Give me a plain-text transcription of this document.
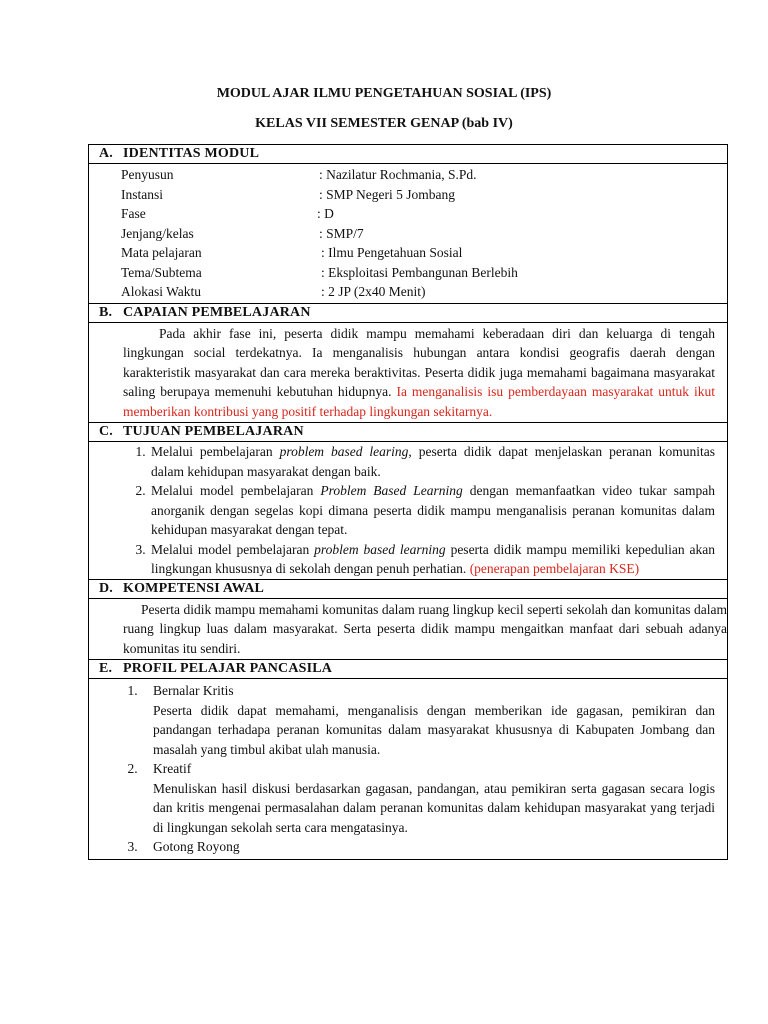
MODUL AJAR ILMU PENGETAHUAN SOSIAL (IPS)
KELAS VII SEMESTER GENAP (bab IV)
A. IDENTITAS MODUL

Penyusun	: Nazilatur Rochmania, S.Pd.
Instansi	: SMP Negeri 5 Jombang
Fase	: D
Jenjang/kelas	: SMP/7
Mata pelajaran	: Ilmu Pengetahuan Sosial
Tema/Subtema	: Eksploitasi Pembangunan Berlebih
Alokasi Waktu	: 2 JP (2x40 Menit)

B. CAPAIAN PEMBELAJARAN

Pada akhir fase ini, peserta didik mampu memahami keberadaan diri dan keluarga di tengah lingkungan social terdekatnya. Ia menganalisis hubungan antara kondisi geografis daerah dengan karakteristik masyarakat dan cara mereka beraktivitas. Peserta didik juga memahami bagaimana masyarakat saling berupaya memenuhi kebutuhan hidupnya. Ia menganalisis isu pemberdayaan masyarakat untuk ikut memberikan kontribusi yang positif terhadap lingkungan sekitarnya.

C. TUJUAN PEMBELAJARAN

1. Melalui pembelajaran problem based learing, peserta didik dapat menjelaskan peranan komunitas dalam kehidupan masyarakat dengan baik.
2. Melalui model pembelajaran Problem Based Learning dengan memanfaatkan video tukar sampah anorganik dengan segelas kopi dimana peserta didik mampu menganalisis peranan komunitas dalam kehidupan masyarakat dengan tepat.
3. Melalui model pembelajaran problem based learning peserta didik mampu memiliki kepedulian akan lingkungan khususnya di sekolah dengan penuh perhatian. (penerapan pembelajaran KSE)

D. KOMPETENSI AWAL

Peserta didik mampu memahami komunitas dalam ruang lingkup kecil seperti sekolah dan komunitas dalam ruang lingkup luas dalam masyarakat. Serta peserta didik mampu mengaitkan manfaat dari sebuah adanya komunitas itu sendiri.

E. PROFIL PELAJAR PANCASILA

1. Bernalar Kritis
Peserta didik dapat memahami, menganalisis dengan memberikan ide gagasan, pemikiran dan pandangan terhadapa peranan komunitas dalam masyarakat khususnya di Kabupaten Jombang dan masalah yang timbul akibat ulah manusia.
2. Kreatif
Menuliskan hasil diskusi berdasarkan gagasan, pandangan, atau pemikiran serta gagasan secara logis dan kritis mengenai permasalahan dalam peranan komunitas dalam kehidupan masyarakat yang terjadi di lingkungan sekolah serta cara mengatasinya.
3. Gotong Royong
